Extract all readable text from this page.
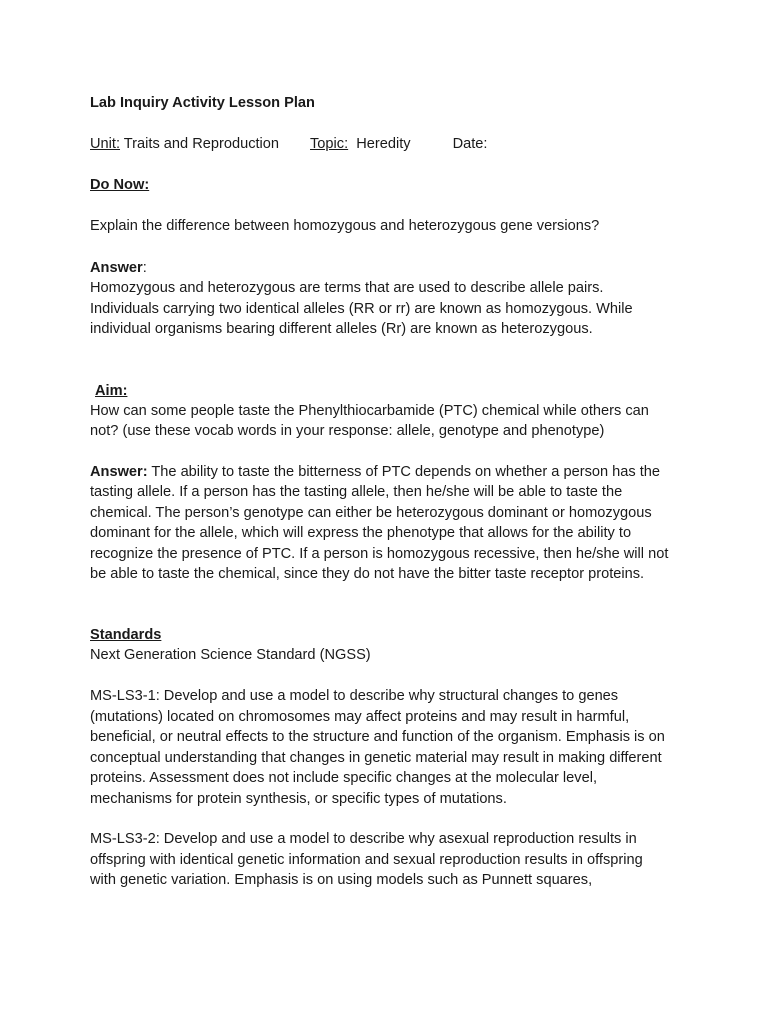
Lab Inquiry Activity Lesson Plan

Unit: Traits and Reproduction Topic:  Heredity	Date:

Do Now:

Explain the difference between homozygous and heterozygous gene versions?

Answer:

Homozygous and heterozygous are terms that are used to describe allele pairs. Individuals carrying two identical alleles (RR or rr) are known as homozygous. While individual organisms bearing different alleles (Rr) are known as heterozygous.

Aim:

How can some people taste the Phenylthiocarbamide (PTC) chemical while others can not? (use these vocab words in your response: allele, genotype and phenotype)

Answer: The ability to taste the bitterness of PTC depends on whether a person has the tasting allele. If a person has the tasting allele, then he/she will be able to taste the chemical. The person’s genotype can either be heterozygous dominant or homozygous dominant for the allele, which will express the phenotype that allows for the ability to recognize the presence of PTC. If a person is homozygous recessive, then he/she will not be able to taste the chemical, since they do not have the bitter taste receptor proteins.

Standards

Next Generation Science Standard (NGSS)

MS-LS3-1: Develop and use a model to describe why structural changes to genes (mutations) located on chromosomes may affect proteins and may result in harmful, beneficial, or neutral effects to the structure and function of the organism. Emphasis is on conceptual understanding that changes in genetic material may result in making different proteins. Assessment does not include specific changes at the molecular level, mechanisms for protein synthesis, or specific types of mutations.

MS-LS3-2: Develop and use a model to describe why asexual reproduction results in offspring with identical genetic information and sexual reproduction results in offspring with genetic variation. Emphasis is on using models such as Punnett squares,
